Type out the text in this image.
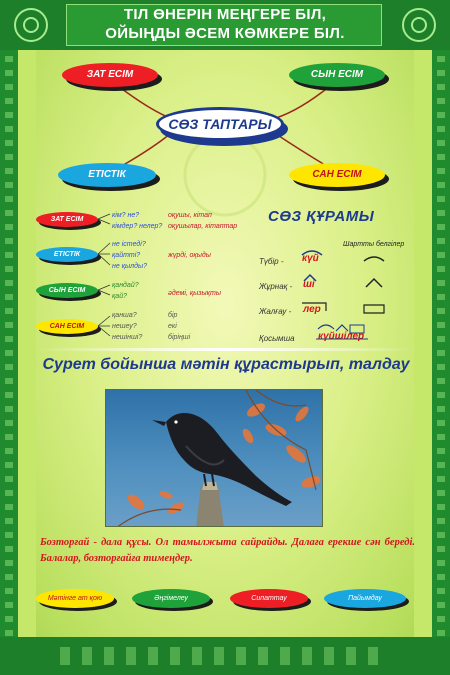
ТІЛ ӨНЕРІН МЕҢГЕРЕ БІЛ,
ОЙЫҢДЫ ӘСЕМ КӨМКЕРЕ БІЛ.
ЗАТ ЕСІМ	СЫН ЕСІМ
СӨЗ ТАПТАРЫ
ЕТІСТІК	САН ЕСІМ
ЗАТ ЕСІМ
кім? не?
кімдер? нелер?
оқушы, кітап
оқушылар, кітаптар
ЕТІСТІК
не істеді?
қайтті?
не қылды?
жүрді, оқыды
СЫН ЕСІМ
қандай?
қай?	әдемі, қызықты
САН ЕСІМ
қанша?
нешеу?
нешінші?
бір
екі
біріңші
СӨЗ ҚҰРАМЫ
Шартты белгілер
Түбір - күй
Жұрнақ - ші
Жалғау - лер
Қосымша күйшілер
Сурет бойынша мәтін құрастырып, талдау
Бозторғай - дала құсы. Ол тамылжыта сайрайды. Далаға ерекше сән береді. Балалар, бозторғайға тимеңдер.
Мәтінге ат қою	Әңгімелеу	Сипаттау	Пайымдау
